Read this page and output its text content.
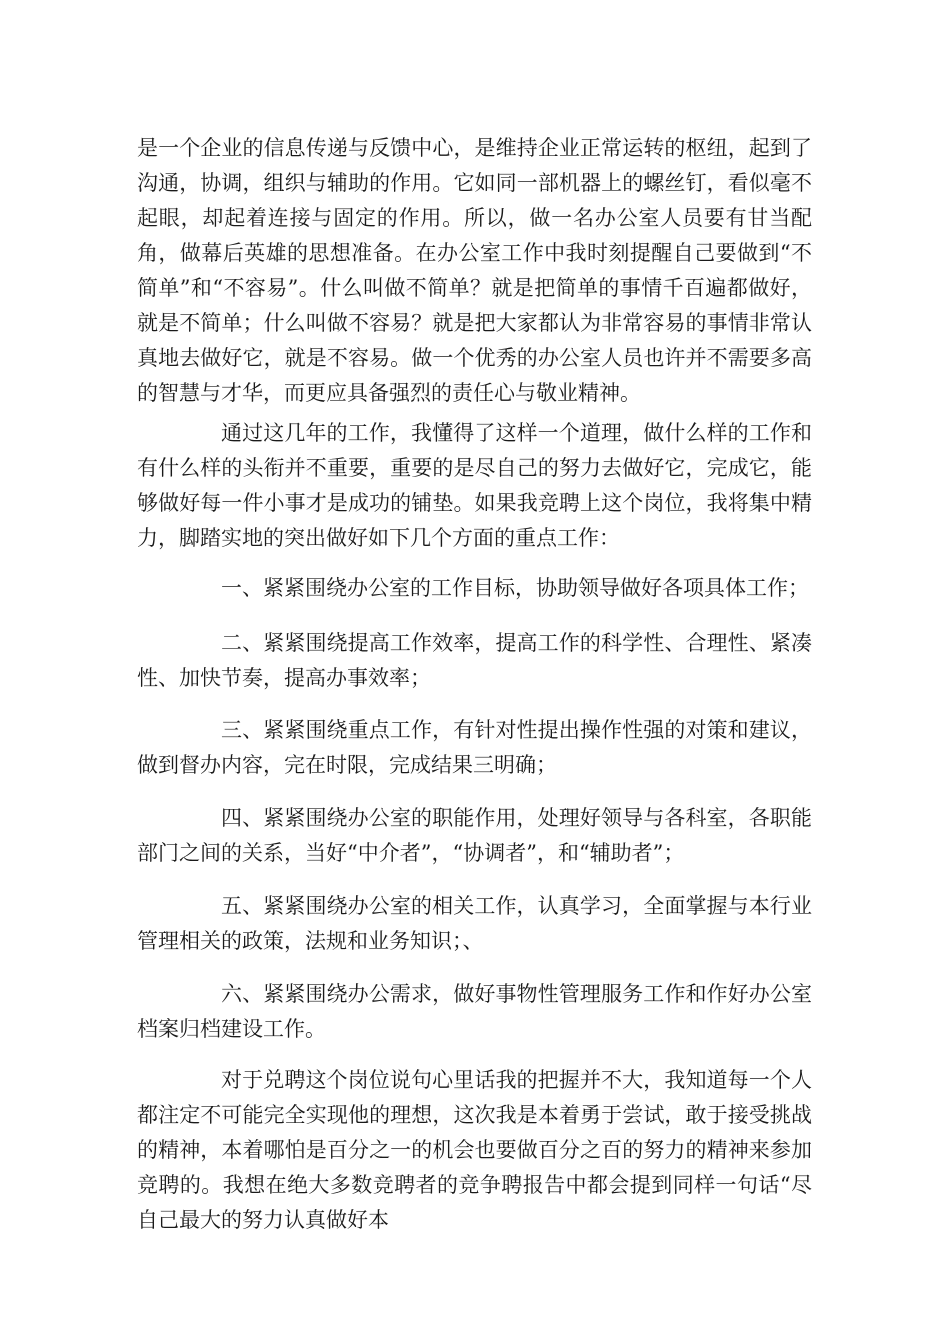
是一个企业的信息传递与反馈中心，是维持企业正常运转的枢纽，起到了沟通，协调，组织与辅助的作用。它如同一部机器上的螺丝钉，看似毫不起眼，却起着连接与固定的作用。所以，做一名办公室人员要有甘当配角，做幕后英雄的思想准备。在办公室工作中我时刻提醒自己要做到“不简单”和“不容易”。什么叫做不简单？就是把简单的事情千百遍都做好，就是不简单；什么叫做不容易？就是把大家都认为非常容易的事情非常认真地去做好它，就是不容易。做一个优秀的办公室人员也许并不需要多高的智慧与才华，而更应具备强烈的责任心与敬业精神。

通过这几年的工作，我懂得了这样一个道理，做什么样的工作和有什么样的头衔并不重要，重要的是尽自己的努力去做好它，完成它，能够做好每一件小事才是成功的铺垫。如果我竞聘上这个岗位，我将集中精力，脚踏实地的突出做好如下几个方面的重点工作：

一、紧紧围绕办公室的工作目标，协助领导做好各项具体工作；

二、紧紧围绕提高工作效率，提高工作的科学性、合理性、紧凑性、加快节奏，提高办事效率；

三、紧紧围绕重点工作，有针对性提出操作性强的对策和建议，做到督办内容，完在时限，完成结果三明确；

四、紧紧围绕办公室的职能作用，处理好领导与各科室，各职能部门之间的关系，当好“中介者”，“协调者”，和“辅助者”；

五、紧紧围绕办公室的相关工作，认真学习，全面掌握与本行业管理相关的政策，法规和业务知识；、

六、紧紧围绕办公需求，做好事物性管理服务工作和作好办公室档案归档建设工作。

对于兑聘这个岗位说句心里话我的把握并不大，我知道每一个人都注定不可能完全实现他的理想，这次我是本着勇于尝试，敢于接受挑战的精神，本着哪怕是百分之一的机会也要做百分之百的努力的精神来参加竞聘的。我想在绝大多数竞聘者的竞争聘报告中都会提到同样一句话“尽自己最大的努力认真做好本
